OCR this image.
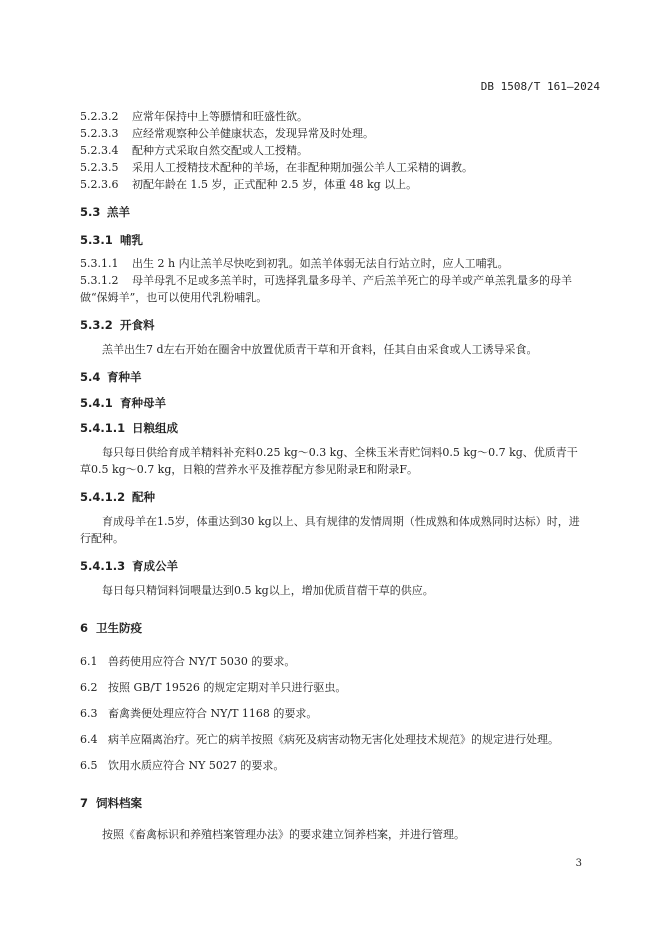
DB 1508/T 161—2024
5.2.3.2 应常年保持中上等膘情和旺盛性欲。
5.2.3.3 应经常观察种公羊健康状态，发现异常及时处理。
5.2.3.4 配种方式采取自然交配或人工授精。
5.2.3.5 采用人工授精技术配种的羊场，在非配种期加强公羊人工采精的调教。
5.2.3.6 初配年龄在 1.5 岁，正式配种 2.5 岁，体重 48 kg 以上。
5.3 羔羊
5.3.1 哺乳
5.3.1.1 出生 2 h 内让羔羊尽快吃到初乳。如羔羊体弱无法自行站立时，应人工哺乳。
5.3.1.2 母羊母乳不足或多羔羊时，可选择乳量多母羊、产后羔羊死亡的母羊或产单羔乳量多的母羊
做“保姆羊”，也可以使用代乳粉哺乳。
5.3.2 开食料
羔羊出生7 d左右开始在圈舍中放置优质青干草和开食料，任其自由采食或人工诱导采食。
5.4 育种羊
5.4.1 育种母羊
5.4.1.1 日粮组成
每只每日供给育成羊精料补充料0.25 kg～0.3 kg、全株玉米青贮饲料0.5 kg～0.7 kg、优质青干
草0.5 kg～0.7 kg，日粮的营养水平及推荐配方参见附录E和附录F。
5.4.1.2 配种
育成母羊在1.5岁，体重达到30 kg以上、具有规律的发情周期（性成熟和体成熟同时达标）时，进
行配种。
5.4.1.3 育成公羊
每日每只精饲料饲喂量达到0.5 kg以上，增加优质苜蓿干草的供应。
6 卫生防疫
6.1 兽药使用应符合 NY/T 5030 的要求。
6.2 按照 GB/T 19526 的规定定期对羊只进行驱虫。
6.3 畜禽粪便处理应符合 NY/T 1168 的要求。
6.4 病羊应隔离治疗。死亡的病羊按照《病死及病害动物无害化处理技术规范》的规定进行处理。
6.5 饮用水质应符合 NY 5027 的要求。
7 饲料档案
按照《畜禽标识和养殖档案管理办法》的要求建立饲养档案，并进行管理。
3
